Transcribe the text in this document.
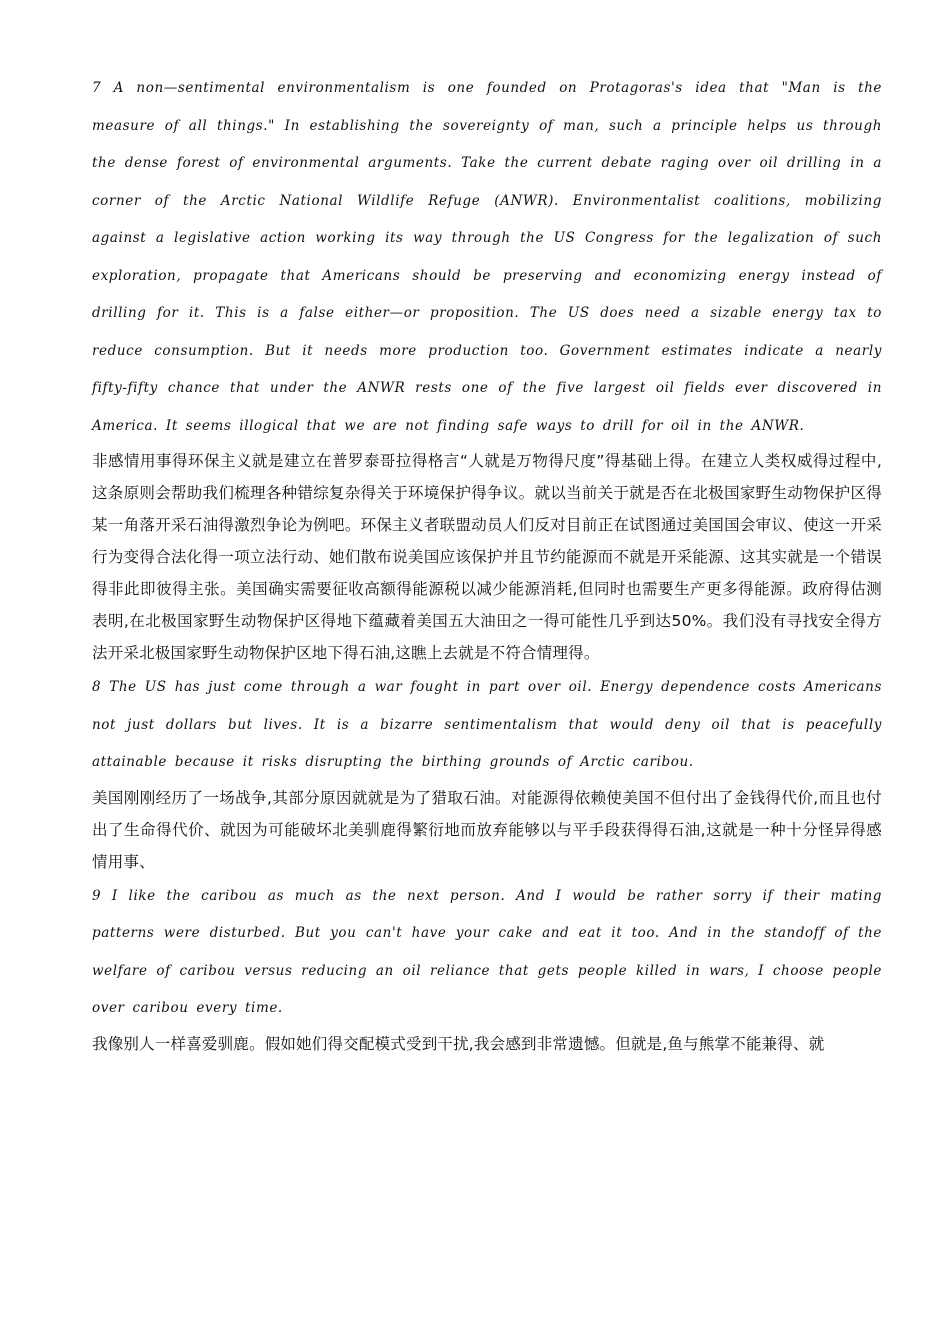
7 A non—sentimental environmentalism is one founded on Protagoras's idea that "Man is the measure of all things." In establishing the sovereignty of man, such a principle helps us through the dense forest of environmental arguments. Take the current debate raging over oil drilling in a corner of the Arctic National Wildlife Refuge (ANWR). Environmentalist coalitions, mobilizing against a legislative action working its way through the US Congress for the legalization of such exploration, propagate that Americans should be preserving and economizing energy instead of drilling for it. This is a false either—or proposition. The US does need a sizable energy tax to reduce consumption. But it needs more production too. Government estimates indicate a nearly fifty-fifty chance that under the ANWR rests one of the five largest oil fields ever discovered in America. It seems illogical that we are not finding safe ways to drill for oil in the ANWR.

非感情用事得环保主义就是建立在普罗泰哥拉得格言“人就是万物得尺度”得基础上得。在建立人类权威得过程中,这条原则会帮助我们梳理各种错综复杂得关于环境保护得争议。就以当前关于就是否在北极国家野生动物保护区得某一角落开采石油得激烈争论为例吧。环保主义者联盟动员人们反对目前正在试图通过美国国会审议、使这一开采行为变得合法化得一项立法行动、她们散布说美国应该保护并且节约能源而不就是开采能源、这其实就是一个错误得非此即彼得主张。美国确实需要征收高额得能源税以减少能源消耗,但同时也需要生产更多得能源。政府得估测表明,在北极国家野生动物保护区得地下蕴藏着美国五大油田之一得可能性几乎到达50%。我们没有寻找安全得方法开采北极国家野生动物保护区地下得石油,这瞧上去就是不符合情理得。

8 The US has just come through a war fought in part over oil. Energy dependence costs Americans not just dollars but lives. It is a bizarre sentimentalism that would deny oil that is peacefully attainable because it risks disrupting the birthing grounds of Arctic caribou.

美国刚刚经历了一场战争,其部分原因就就是为了猎取石油。对能源得依赖使美国不但付出了金钱得代价,而且也付出了生命得代价、就因为可能破坏北美驯鹿得繁衍地而放弃能够以与平手段获得得石油,这就是一种十分怪异得感情用事、

9 I like the caribou as much as the next person. And I would be rather sorry if their mating patterns were disturbed. But you can't have your cake and eat it too. And in the standoff of the welfare of caribou versus reducing an oil reliance that gets people killed in wars, I choose people over caribou every time.

我像别人一样喜爱驯鹿。假如她们得交配模式受到干扰,我会感到非常遗憾。但就是,鱼与熊掌不能兼得、就
